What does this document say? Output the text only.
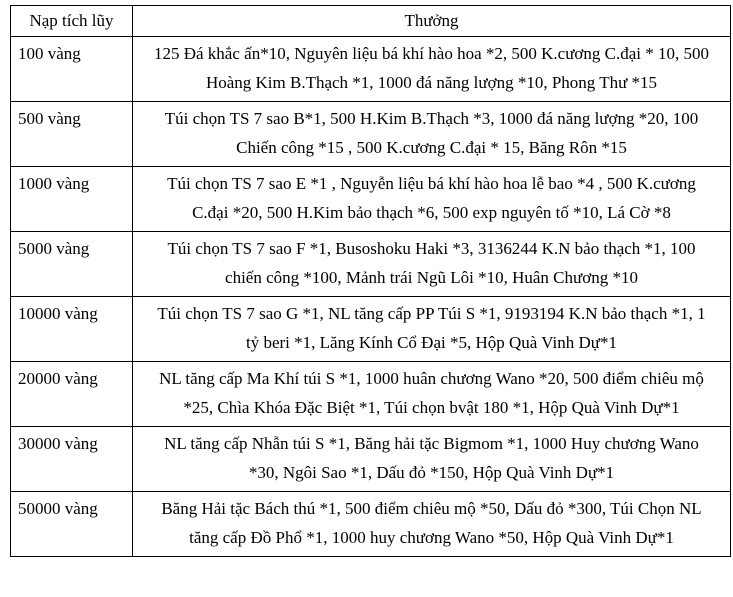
Nạp tích lũy	Thưởng
100 vàng	125 Đá khắc ấn*10, Nguyên liệu bá khí hào hoa *2, 500 K.cương C.đại * 10, 500 Hoàng Kim B.Thạch *1, 1000 đá năng lượng *10, Phong Thư *15
500 vàng	Túi chọn TS 7 sao B*1, 500 H.Kim B.Thạch *3, 1000 đá năng lượng *20, 100 Chiến công *15 , 500 K.cương C.đại * 15, Băng Rôn *15
1000 vàng	Túi chọn TS 7 sao E *1 , Nguyễn liệu bá khí hào hoa lễ bao *4 , 500 K.cương C.đại *20, 500 H.Kim bảo thạch *6, 500 exp nguyên tố *10, Lá Cờ *8
5000 vàng	Túi chọn TS 7 sao F *1, Busoshoku Haki *3, 3136244 K.N bảo thạch *1, 100 chiến công *100, Mảnh trái Ngũ Lôi *10, Huân Chương *10
10000 vàng	Túi chọn TS 7 sao G *1, NL tăng cấp PP Túi S *1, 9193194 K.N bảo thạch *1, 1 tỷ beri *1, Lăng Kính Cổ Đại *5, Hộp Quà Vinh Dự*1
20000 vàng	NL tăng cấp Ma Khí túi S *1, 1000 huân chương Wano *20, 500 điểm chiêu mộ *25, Chìa Khóa Đặc Biệt *1, Túi chọn bvật 180 *1, Hộp Quà Vinh Dự*1
30000 vàng	NL tăng cấp Nhẫn túi S *1, Băng hải tặc Bigmom *1, 1000 Huy chương Wano *30, Ngôi Sao *1, Dấu đỏ *150, Hộp Quà Vinh Dự*1
50000 vàng	Băng Hải tặc Bách thú *1, 500 điểm chiêu mộ *50, Dấu đỏ *300, Túi Chọn NL tăng cấp Đồ Phổ *1, 1000 huy chương Wano *50, Hộp Quà Vinh Dự*1
